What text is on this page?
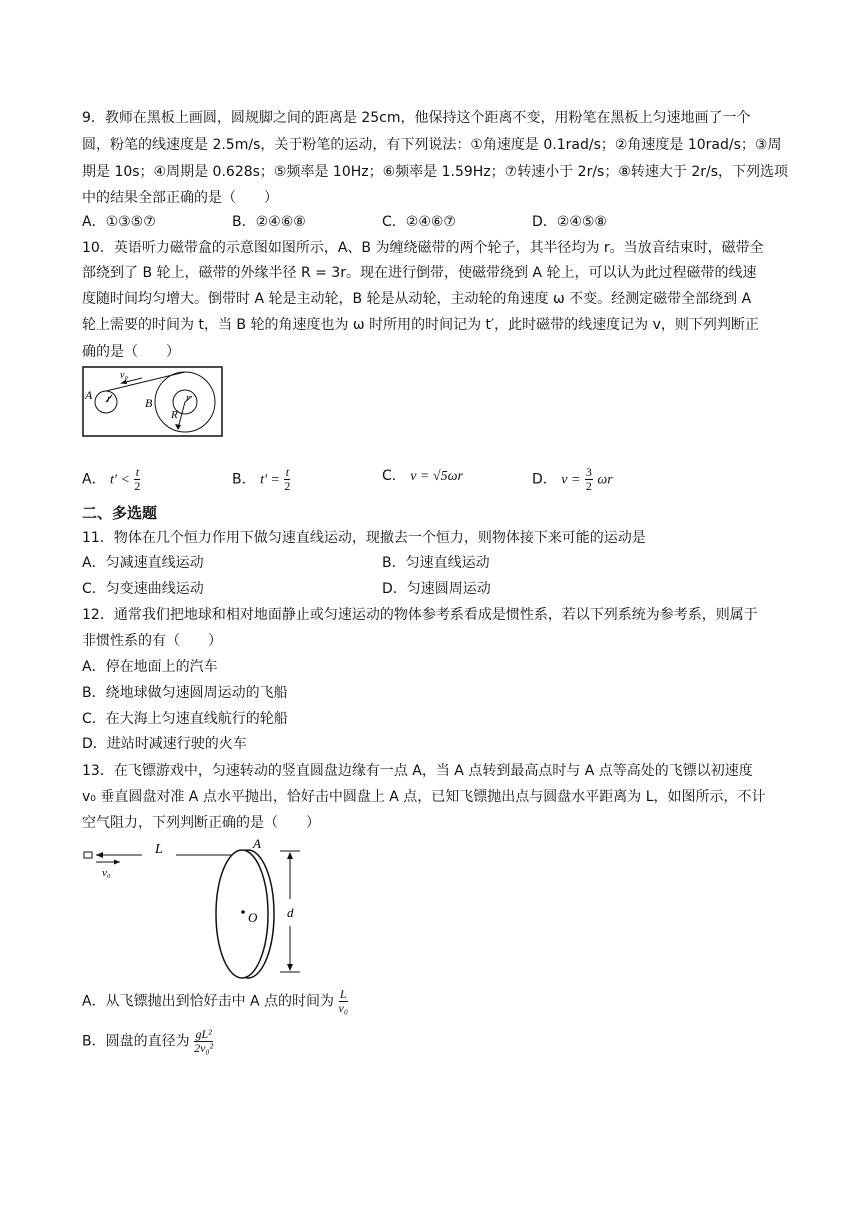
9．教师在黑板上画圆，圆规脚之间的距离是 25cm，他保持这个距离不变，用粉笔在黑板上匀速地画了一个
圆，粉笔的线速度是 2.5m/s，关于粉笔的运动，有下列说法：①角速度是 0.1rad/s；②角速度是 10rad/s；③周
期是 10s；④周期是 0.628s；⑤频率是 10Hz；⑥频率是 1.59Hz；⑦转速小于 2r/s；⑧转速大于 2r/s，下列选项
中的结果全部正确的是（　　）
A．①③⑤⑦	B．②④⑥⑧	C．②④⑥⑦	D．②④⑤⑧
10．英语听力磁带盒的示意图如图所示，A、B 为缠绕磁带的两个轮子，其半径均为 r。当放音结束时，磁带全
部绕到了 B 轮上，磁带的外缘半径 R = 3r。现在进行倒带，使磁带绕到 A 轮上，可以认为此过程磁带的线速
度随时间均匀增大。倒带时 A 轮是主动轮，B 轮是从动轮，主动轮的角速度 ω 不变。经测定磁带全部绕到 A
轮上需要的时间为 t，当 B 轮的角速度也为 ω 时所用的时间记为 t′，此时磁带的线速度记为 v，则下列判断正
确的是（　　）
v₀
A r	B	r
R
A． $t' < \frac{t}{2}$	B． $t' = \frac{t}{2}$	C． v = √5ωr	D． $v = \frac{3}{2}$ ωr
二、多选题
11．物体在几个恒力作用下做匀速直线运动，现撤去一个恒力，则物体接下来可能的运动是
A．匀减速直线运动	B．匀速直线运动
C．匀变速曲线运动	D．匀速圆周运动
12．通常我们把地球和相对地面静止或匀速运动的物体参考系看成是惯性系，若以下列系统为参考系，则属于
非惯性系的有（　　）
A．停在地面上的汽车
B．绕地球做匀速圆周运动的飞船
C．在大海上匀速直线航行的轮船
D．进站时减速行驶的火车
13．在飞镖游戏中，匀速转动的竖直圆盘边缘有一点 A，当 A 点转到最高点时与 A 点等高处的飞镖以初速度
v₀ 垂直圆盘对准 A 点水平抛出，恰好击中圆盘上 A 点，已知飞镖抛出点与圆盘水平距离为 L，如图所示，不计
空气阻力，下列判断正确的是（　　）
L
v₀
A
O d
A．从飞镖抛出到恰好击中 A 点的时间为 $\frac{L}{\text{v₀}}$
B．圆盘的直径为 $\frac{\text{gL²}}{\text{2v₀²}}$
